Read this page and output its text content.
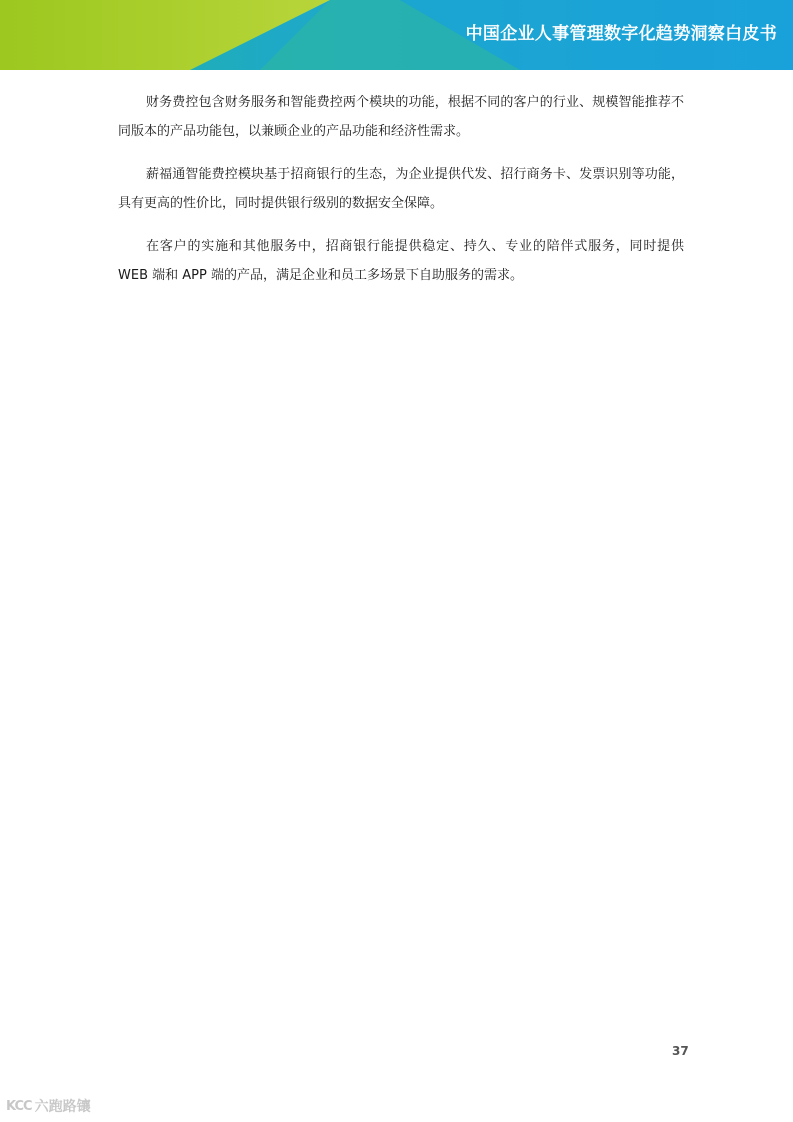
中国企业人事管理数字化趋势洞察白皮书

财务费控包含财务服务和智能费控两个模块的功能，根据不同的客户的行业、规模智能推荐不同版本的产品功能包，以兼顾企业的产品功能和经济性需求。

薪福通智能费控模块基于招商银行的生态，为企业提供代发、招行商务卡、发票识别等功能，具有更高的性价比，同时提供银行级别的数据安全保障。

在客户的实施和其他服务中，招商银行能提供稳定、持久、专业的陪伴式服务，同时提供 WEB 端和 APP 端的产品，满足企业和员工多场景下自助服务的需求。

37
KCC 六跑路镶
